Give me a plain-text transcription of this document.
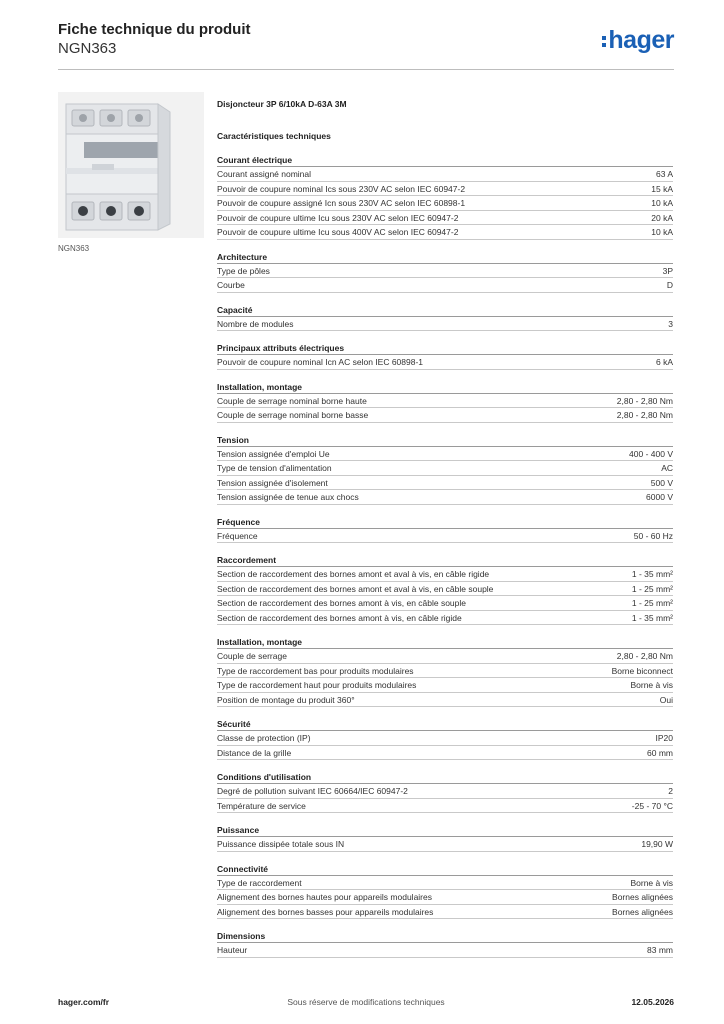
Fiche technique du produit
NGN363	hager
NGN363
Disjoncteur 3P 6/10kA D-63A 3M
Caractéristiques techniques
Courant électrique
Courant assigné nominal	63 A
Pouvoir de coupure nominal Ics sous 230V AC selon IEC 60947-2	15 kA
Pouvoir de coupure assigné Icn sous 230V AC selon IEC 60898-1	10 kA
Pouvoir de coupure ultime Icu sous 230V AC selon IEC 60947-2	20 kA
Pouvoir de coupure ultime Icu sous 400V AC selon IEC 60947-2	10 kA
Architecture
Type de pôles	3P
Courbe	D
Capacité
Nombre de modules	3
Principaux attributs électriques
Pouvoir de coupure nominal Icn AC selon IEC 60898-1	6 kA
Installation, montage
Couple de serrage nominal borne haute	2,80 - 2,80 Nm
Couple de serrage nominal borne basse	2,80 - 2,80 Nm
Tension
Tension assignée d'emploi Ue	400 - 400 V
Type de tension d'alimentation	AC
Tension assignée d'isolement	500 V
Tension assignée de tenue aux chocs	6000 V
Fréquence
Fréquence	50 - 60 Hz
Raccordement
Section de raccordement des bornes amont et aval à vis, en câble rigide	1 - 35 mm²
Section de raccordement des bornes amont et aval à vis, en câble souple	1 - 25 mm²
Section de raccordement des bornes amont à vis, en câble souple	1 - 25 mm²
Section de raccordement des bornes amont à vis, en câble rigide	1 - 35 mm²
Installation, montage
Couple de serrage	2,80 - 2,80 Nm
Type de raccordement bas pour produits modulaires	Borne biconnect
Type de raccordement haut pour produits modulaires	Borne à vis
Position de montage du produit 360°	Oui
Sécurité
Classe de protection (IP)	IP20
Distance de la grille	60 mm
Conditions d'utilisation
Degré de pollution suivant IEC 60664/IEC 60947-2	2
Température de service	-25 - 70 °C
Puissance
Puissance dissipée totale sous IN	19,90 W
Connectivité
Type de raccordement	Borne à vis
Alignement des bornes hautes pour appareils modulaires	Bornes alignées
Alignement des bornes basses pour appareils modulaires	Bornes alignées
Dimensions
Hauteur	83 mm
hager.com/fr	Sous réserve de modifications techniques	12.05.2026
